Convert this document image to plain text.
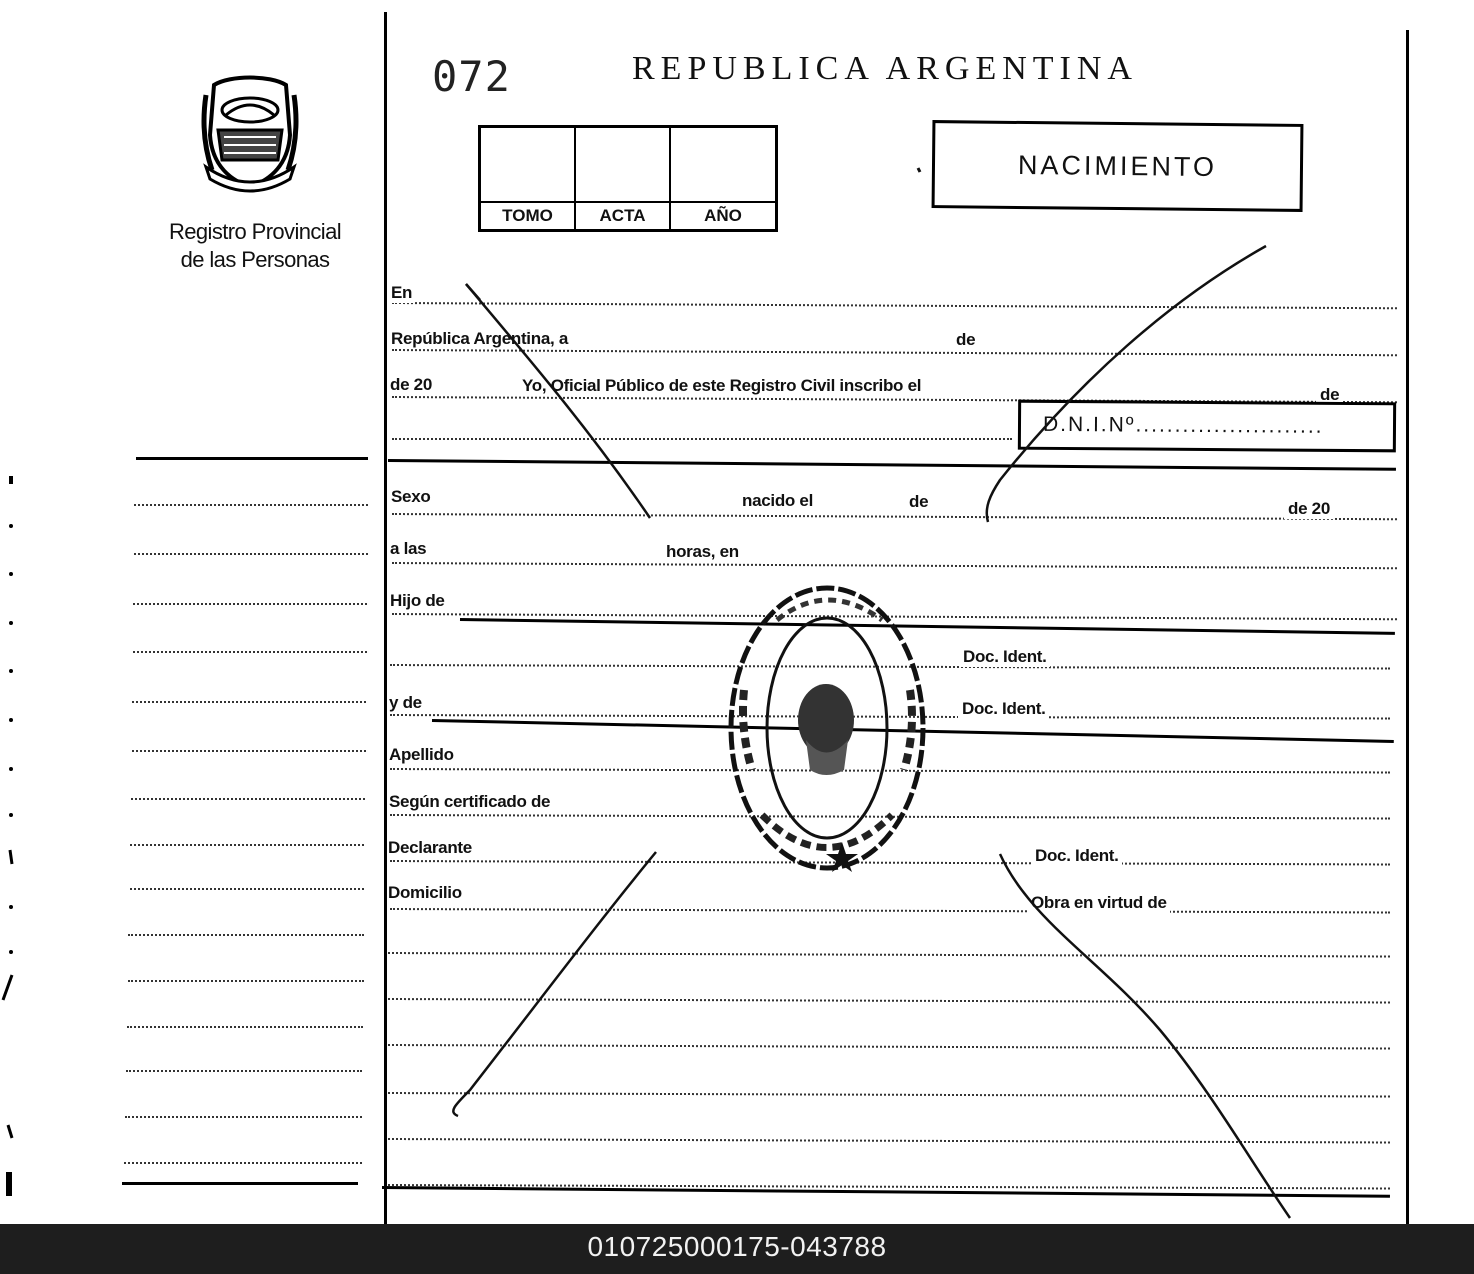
Registro Provincial
de las Personas
072	REPUBLICA ARGENTINA
TOMO	ACTA	AÑO
NACIMIENTO
En
República Argentina, a	de
de 20	Yo, Oficial Público de este Registro Civil inscribo el	de
D.N.I.Nº........................
Sexo	nacido el	de	de 20
a las	horas, en
Hijo de
Doc. Ident.
y de	Doc. Ident.
Apellido
Según certificado de
Declarante	Doc. Ident.
Domicilio
Obra en virtud de
010725000175-043788
